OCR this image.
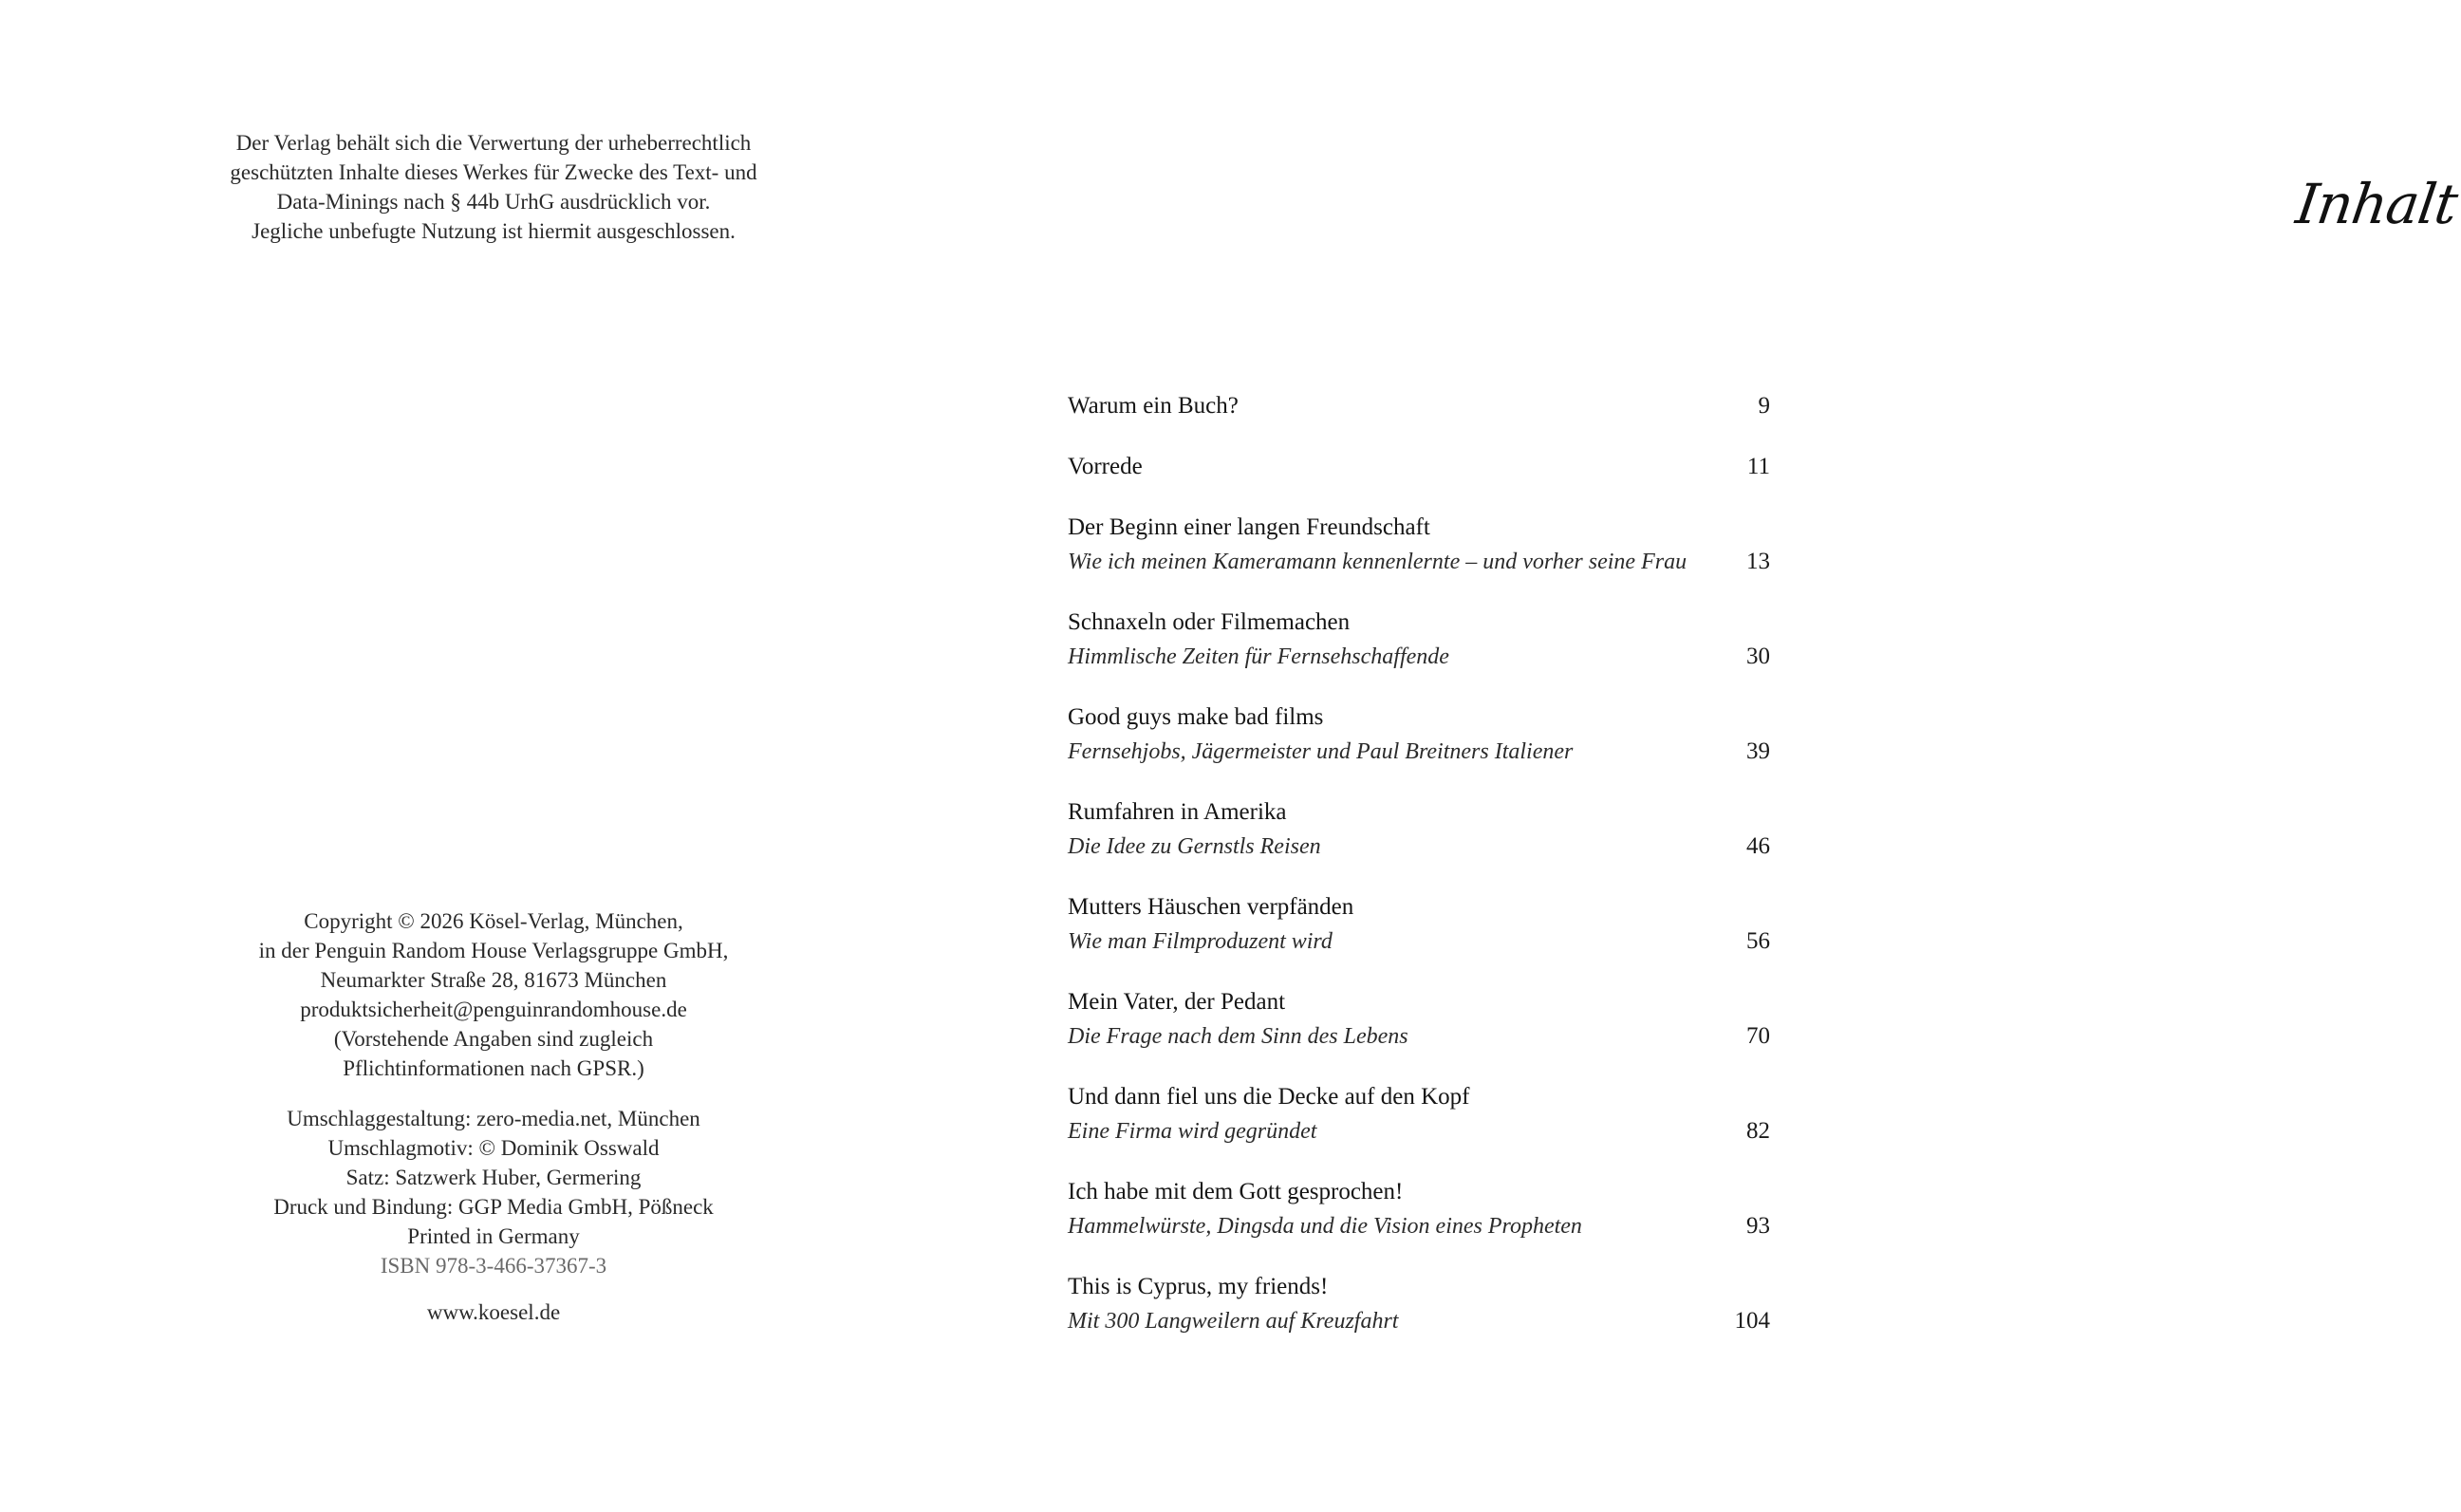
Der Verlag behält sich die Verwertung der urheberrechtlich
geschützten Inhalte dieses Werkes für Zwecke des Text- und
Data-Minings nach § 44b UrhG ausdrücklich vor.
Jegliche unbefugte Nutzung ist hiermit ausgeschlossen.
Copyright © 2026 Kösel-Verlag, München,
in der Penguin Random House Verlagsgruppe GmbH,
Neumarkter Straße 28, 81673 München
produktsicherheit@penguinrandomhouse.de
(Vorstehende Angaben sind zugleich
Pflichtinformationen nach GPSR.)
Umschlaggestaltung: zero-media.net, München
Umschlagmotiv: © Dominik Osswald
Satz: Satzwerk Huber, Germering
Druck und Bindung: GGP Media GmbH, Pößneck
Printed in Germany
ISBN 978-3-466-37367-3
www.koesel.de
Inhalt
Warum ein Buch?	9
Vorrede	11
Der Beginn einer langen Freundschaft
Wie ich meinen Kameramann kennenlernte – und vorher seine Frau	13
Schnaxeln oder Filmemachen
Himmlische Zeiten für Fernsehschaffende	30
Good guys make bad films
Fernsehjobs, Jägermeister und Paul Breitners Italiener	39
Rumfahren in Amerika
Die Idee zu Gernstls Reisen	46
Mutters Häuschen verpfänden
Wie man Filmproduzent wird	56
Mein Vater, der Pedant
Die Frage nach dem Sinn des Lebens	70
Und dann fiel uns die Decke auf den Kopf
Eine Firma wird gegründet	82
Ich habe mit dem Gott gesprochen!
Hammelwürste, Dingsda und die Vision eines Propheten	93
This is Cyprus, my friends!
Mit 300 Langweilern auf Kreuzfahrt	104
